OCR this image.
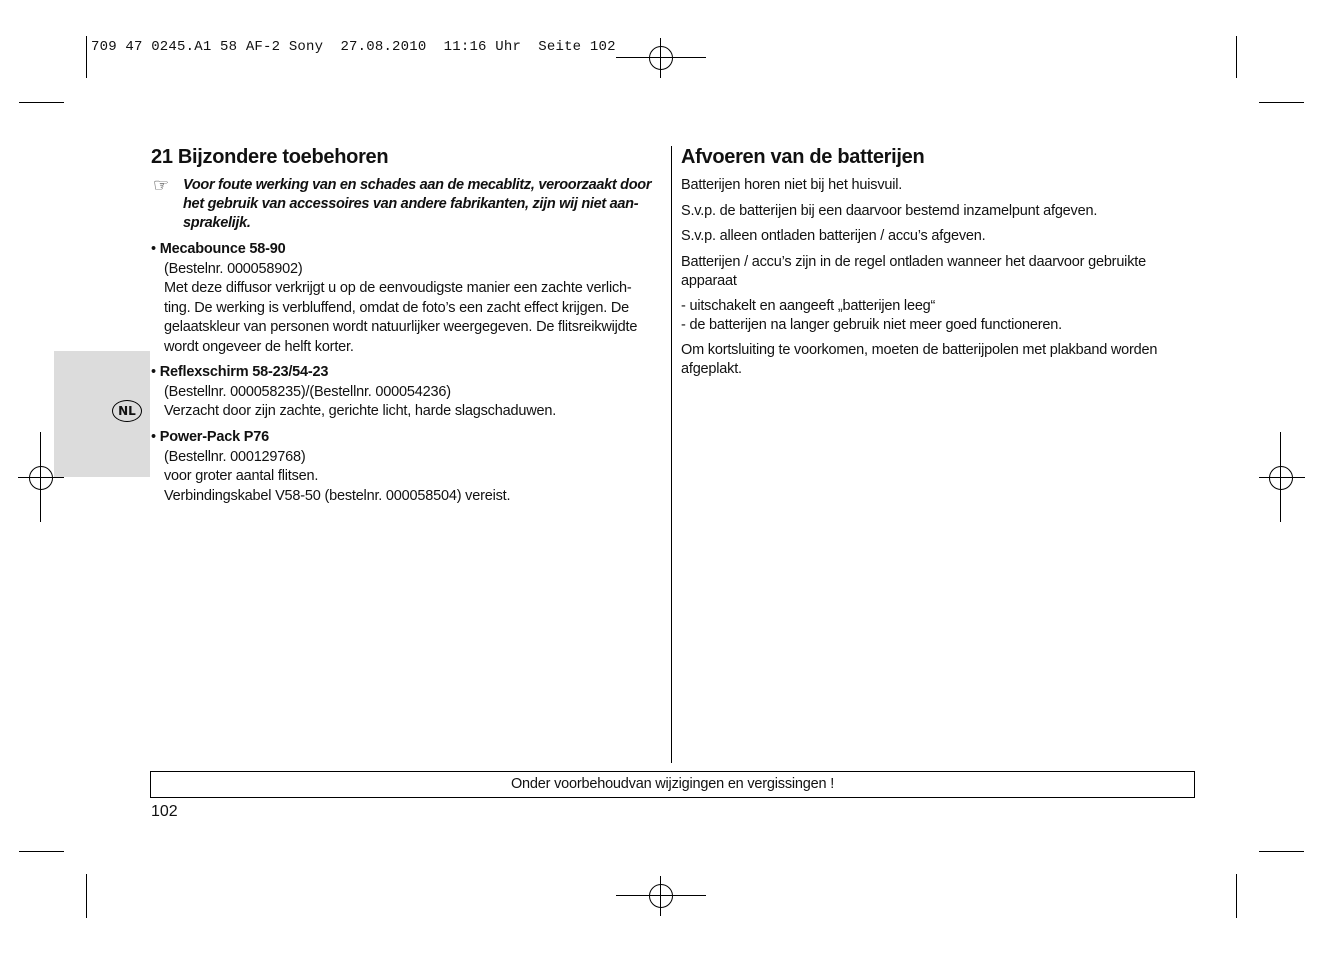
709 47 0245.A1 58 AF-2 Sony  27.08.2010  11:16 Uhr  Seite 102
NL
21 Bijzondere toebehoren
☞ Voor foute werking van en schades aan de mecablitz, veroorzaakt door
het gebruik van accessoires van andere fabrikanten, zijn wij niet aan-
sprakelijk.
• Mecabounce 58-90
(Bestelnr. 000058902)
Met deze diffusor verkrijgt u op de eenvoudigste manier een zachte verlich-
ting. De werking is verbluffend, omdat de foto’s een zacht effect krijgen. De
gelaatskleur van personen wordt natuurlijker weergegeven. De flitsreikwijdte
wordt ongeveer de helft korter.
• Reflexschirm 58-23/54-23
(Bestellnr. 000058235)/(Bestellnr. 000054236)
Verzacht door zijn zachte, gerichte licht, harde slagschaduwen.
• Power-Pack P76
(Bestellnr. 000129768)
voor groter aantal flitsen.
Verbindingskabel V58-50 (bestelnr. 000058504) vereist.
Afvoeren van de batterijen
Batterijen horen niet bij het huisvuil.
S.v.p. de batterijen bij een daarvoor bestemd inzamelpunt afgeven.
S.v.p. alleen ontladen batterijen / accu’s afgeven.
Batterijen / accu’s zijn in de regel ontladen wanneer het daarvoor gebruikte
apparaat
- uitschakelt en aangeeft „batterijen leeg“
- de batterijen na langer gebruik niet meer goed functioneren.
Om kortsluiting te voorkomen, moeten de batterijpolen met plakband worden
afgeplakt.
Onder voorbehoudvan wijzigingen en vergissingen !
102
